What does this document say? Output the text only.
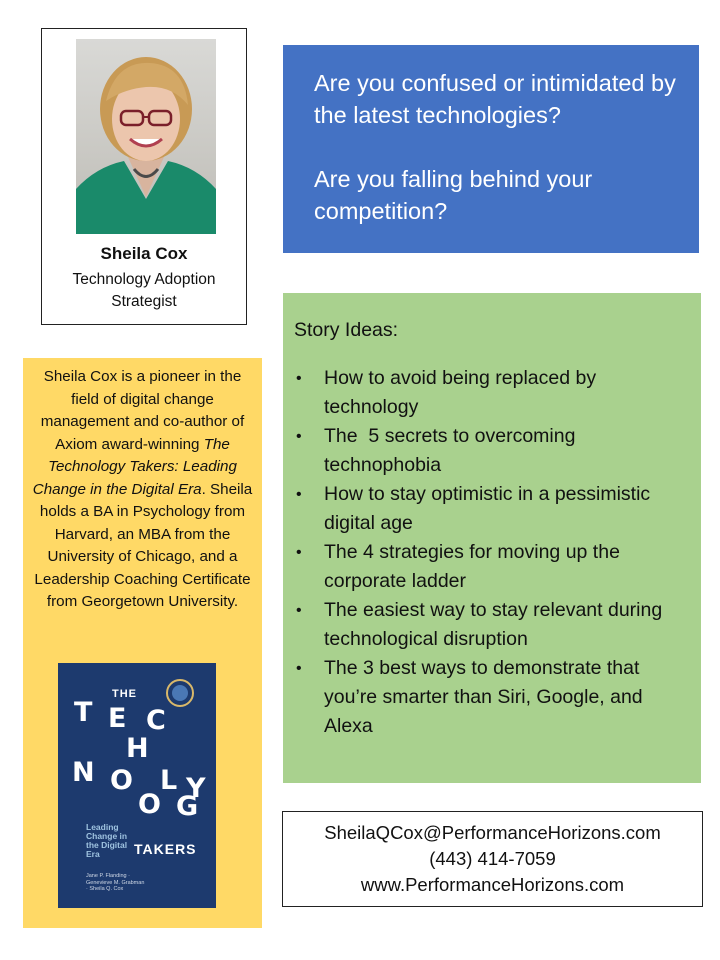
Sheila Cox
Technology Adoption Strategist

Are you confused or intimidated by the latest technologies?

Are you falling behind your competition?

Sheila Cox is a pioneer in the field of digital change management and co-author of Axiom award-winning The Technology Takers: Leading Change in the Digital Era. Sheila holds a BA in Psychology from Harvard, an MBA from the University of Chicago, and a Leadership Coaching Certificate from Georgetown University.

THE
T E C
H
N O L
O G
Y
Leading Change in the Digital Era	TAKERS
Jane P. Flanding · Genevieve M. Grabman · Sheila Q. Cox

Story Ideas:

• How to avoid being replaced by technology
• The  5 secrets to overcoming technophobia
• How to stay optimistic in a pessimistic digital age
• The 4 strategies for moving up the corporate ladder
• The easiest way to stay relevant during technological disruption
• The 3 best ways to demonstrate that you’re smarter than Siri, Google, and Alexa
SheilaQCox@PerformanceHorizons.com
(443) 414-7059
www.PerformanceHorizons.com
